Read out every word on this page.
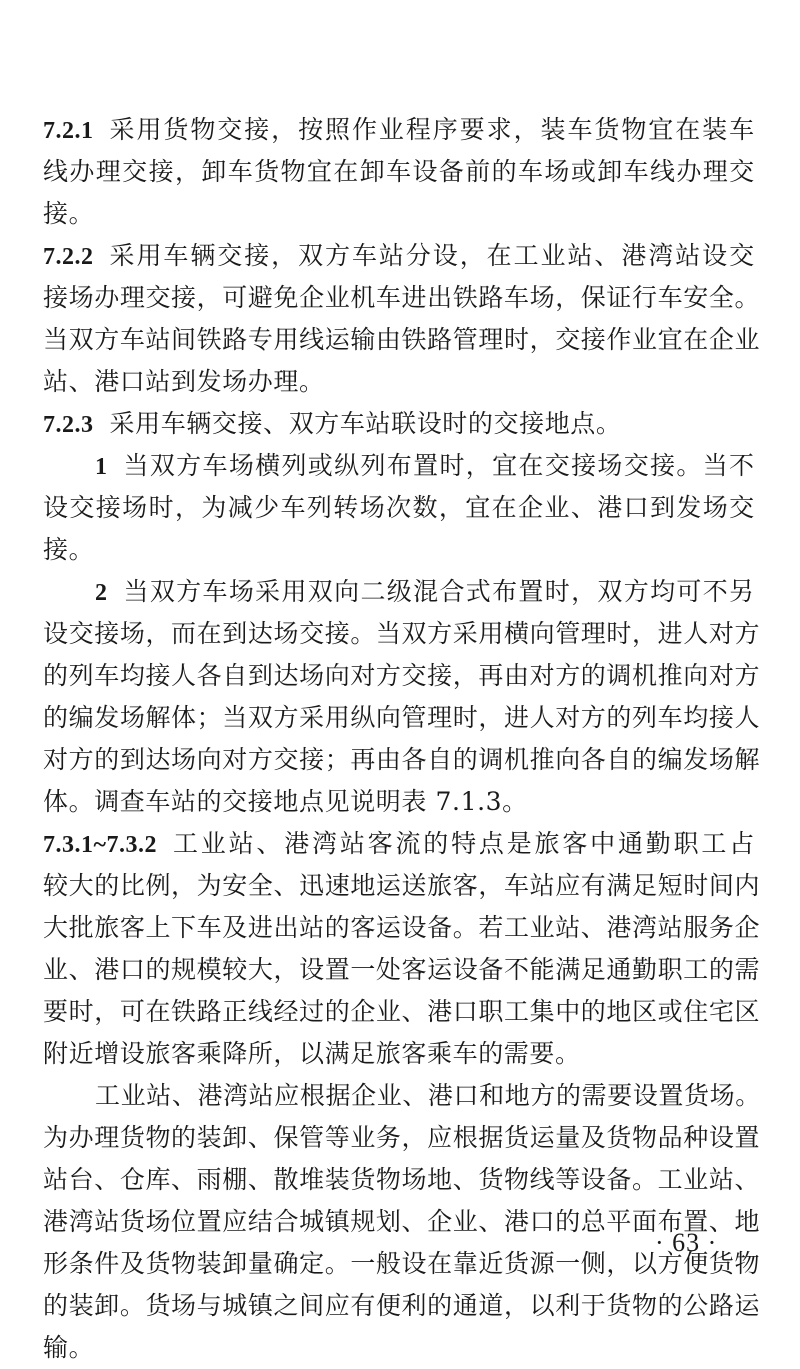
7.2.1 采 用 货 物 交 接 ， 按 照 作 业 程 序 要 求 ， 装 车 货 物 宜 在 装 车
线 办 理 交 接 ， 卸 车 货 物 宜 在 卸 车 设 备 前 的 车 场 或 卸 车 线 办 理 交
接。
7.2.2 采 用 车 辆 交 接 ， 双 方 车 站 分 设 ， 在 工 业 站 、 港 湾 站 设 交
接 场 办 理 交 接 ， 可 避 免 企 业 机 车 进 出 铁 路 车 场 ， 保 证 行 车 安 全 。
当 双 方 车 站 间 铁 路 专 用 线 运 输 由 铁 路 管 理 时 ， 交 接 作 业 宜 在 企 业
站、港口站到发场办理。
7.2.3 采用车辆交接、双方车站联设时的交接地点。
1 当 双 方 车 场 横 列 或 纵 列 布 置 时 ， 宜 在 交 接 场 交 接 。 当 不
设 交 接 场 时 ， 为 减 少 车 列 转 场 次 数 ， 宜 在 企 业 、 港 口 到 发 场 交
接。
2 当 双 方 车 场 采 用 双 向 二 级 混 合 式 布 置 时 ， 双 方 均 可 不 另
设 交 接 场 ， 而 在 到 达 场 交 接 。 当 双 方 采 用 横 向 管 理 时 ， 进 人 对 方
的 列 车 均 接 人 各 自 到 达 场 向 对 方 交 接 ， 再 由 对 方 的 调 机 推 向 对 方
的 编 发 场 解 体 ； 当 双 方 采 用 纵 向 管 理 时 ， 进 人 对 方 的 列 车 均 接 人
对 方 的 到 达 场 向 对 方 交 接 ； 再 由 各 自 的 调 机 推 向 各 自 的 编 发 场 解
体。调查车站的交接地点见说明表 7.1.3。
7.3.1~7.3.2 工 业 站 、 港 湾 站 客 流 的 特 点 是 旅 客 中 通 勤 职 工 占
较 大 的 比 例 ， 为 安 全 、 迅 速 地 运 送 旅 客 ， 车 站 应 有 满 足 短 时 间 内
大 批 旅 客 上 下 车 及 进 出 站 的 客 运 设 备 。 若 工 业 站 、 港 湾 站 服 务 企
业 、 港 口 的 规 模 较 大 ， 设 置 一 处 客 运 设 备 不 能 满 足 通 勤 职 工 的 需
要 时 ， 可 在 铁 路 正 线 经 过 的 企 业 、 港 口 职 工 集 中 的 地 区 或 住 宅 区
附近增设旅客乘降所，以满足旅客乘车的需要。
工 业 站 、 港 湾 站 应 根 据 企 业 、 港 口 和 地 方 的 需 要 设 置 货 场 。
为 办 理 货 物 的 装 卸 、 保 管 等 业 务 ， 应 根 据 货 运 量 及 货 物 品 种 设 置
站 台 、 仓 库 、 雨 棚 、 散 堆 装 货 物 场 地 、 货 物 线 等 设 备 。 工 业 站 、
港 湾 站 货 场 位 置 应 结 合 城 镇 规 划 、 企 业 、 港 口 的 总 平 面 布 置 、 地
形 条 件 及 货 物 装 卸 量 确 定 。 一 般 设 在 靠 近 货 源 一 侧 ， 以 方 便 货 物
的 装 卸 。 货 场 与 城 镇 之 间 应 有 便 利 的 通 道 ， 以 利 于 货 物 的 公 路 运
输。
· 63 ·
